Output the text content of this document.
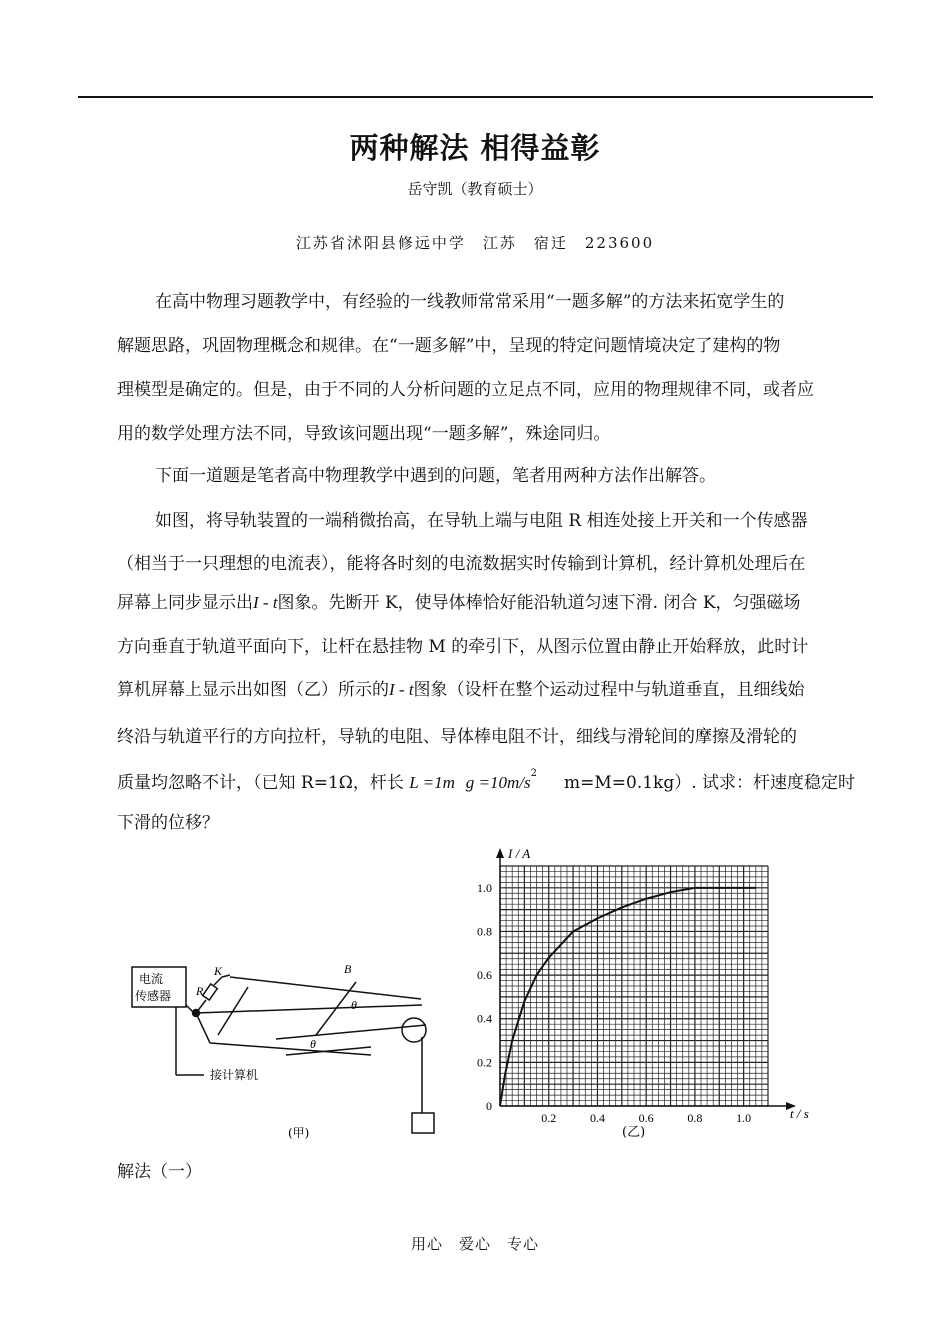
两种解法 相得益彰
岳守凯（教育硕士）
江苏省沭阳县修远中学　江苏　宿迁　223600
在高中物理习题教学中，有经验的一线教师常常采用“一题多解”的方法来拓宽学生的
解题思路，巩固物理概念和规律。在“一题多解”中，呈现的特定问题情境决定了建构的物
理模型是确定的。但是，由于不同的人分析问题的立足点不同，应用的物理规律不同，或者应
用的数学处理方法不同，导致该问题出现“一题多解”，殊途同归。
下面一道题是笔者高中物理教学中遇到的问题，笔者用两种方法作出解答。
如图，将导轨装置的一端稍微抬高，在导轨上端与电阻 R 相连处接上开关和一个传感器
（相当于一只理想的电流表），能将各时刻的电流数据实时传输到计算机，经计算机处理后在
屏幕上同步显示出I - t图象。先断开 K，使导体棒恰好能沿轨道匀速下滑. 闭合 K，匀强磁场
方向垂直于轨道平面向下，让杆在悬挂物 M 的牵引下，从图示位置由静止开始释放，此时计
算机屏幕上显示出如图（乙）所示的I - t图象（设杆在整个运动过程中与轨道垂直，且细线始
终沿与轨道平行的方向拉杆，导轨的电阻、导体棒电阻不计，细线与滑轮间的摩擦及滑轮的
质量均忽略不计，（已知 R=1Ω，杆长 L =1m $g =10m/s^2$ m=M=0.1kg）. 试求：杆速度稳定时
下滑的位移？
电流
传感器
K
R
B
θ
θ
接计算机
(甲)
0.2	0.4	0.6	0.8	1.0
0
0.2
0.4
0.6
0.8
1.0
I / A
t / s
(乙)
解法（一）
用心　爱心　专心
